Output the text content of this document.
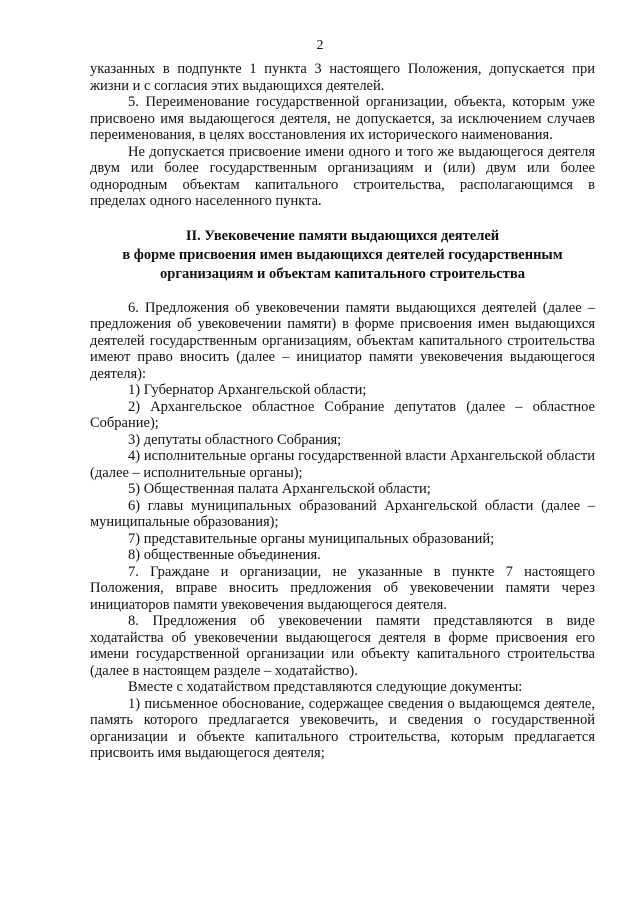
2

указанных в подпункте 1 пункта 3 настоящего Положения, допускается при жизни и с согласия этих выдающихся деятелей.

5. Переименование государственной организации, объекта, которым уже присвоено имя выдающегося деятеля, не допускается, за исключением случаев переименования, в целях восстановления их исторического наименования.

Не допускается присвоение имени одного и того же выдающегося деятеля двум или более государственным организациям и (или) двум или более однородным объектам капитального строительства, располагающимся в пределах одного населенного пункта.

II. Увековечение памяти выдающихся деятелей
в форме присвоения имен выдающихся деятелей государственным
организациям и объектам капитального строительства

6. Предложения об увековечении памяти выдающихся деятелей (далее – предложения об увековечении памяти) в форме присвоения имен выдающихся деятелей государственным организациям, объектам капитального строительства имеют право вносить (далее – инициатор памяти увековечения выдающегося деятеля):

1) Губернатор Архангельской области;

2) Архангельское областное Собрание депутатов (далее – областное Собрание);

3) депутаты областного Собрания;

4) исполнительные органы государственной власти Архангельской области (далее – исполнительные органы);

5) Общественная палата Архангельской области;

6) главы муниципальных образований Архангельской области (далее – муниципальные образования);

7) представительные органы муниципальных образований;

8) общественные объединения.

7. Граждане и организации, не указанные в пункте 7 настоящего Положения, вправе вносить предложения об увековечении памяти через инициаторов памяти увековечения выдающегося деятеля.

8. Предложения об увековечении памяти представляются в виде ходатайства об увековечении выдающегося деятеля в форме присвоения его имени государственной организации или объекту капитального строительства (далее в настоящем разделе – ходатайство).

Вместе с ходатайством представляются следующие документы:

1) письменное обоснование, содержащее сведения о выдающемся деятеле, память которого предлагается увековечить, и сведения о государственной организации и объекте капитального строительства, которым предлагается присвоить имя выдающегося деятеля;
